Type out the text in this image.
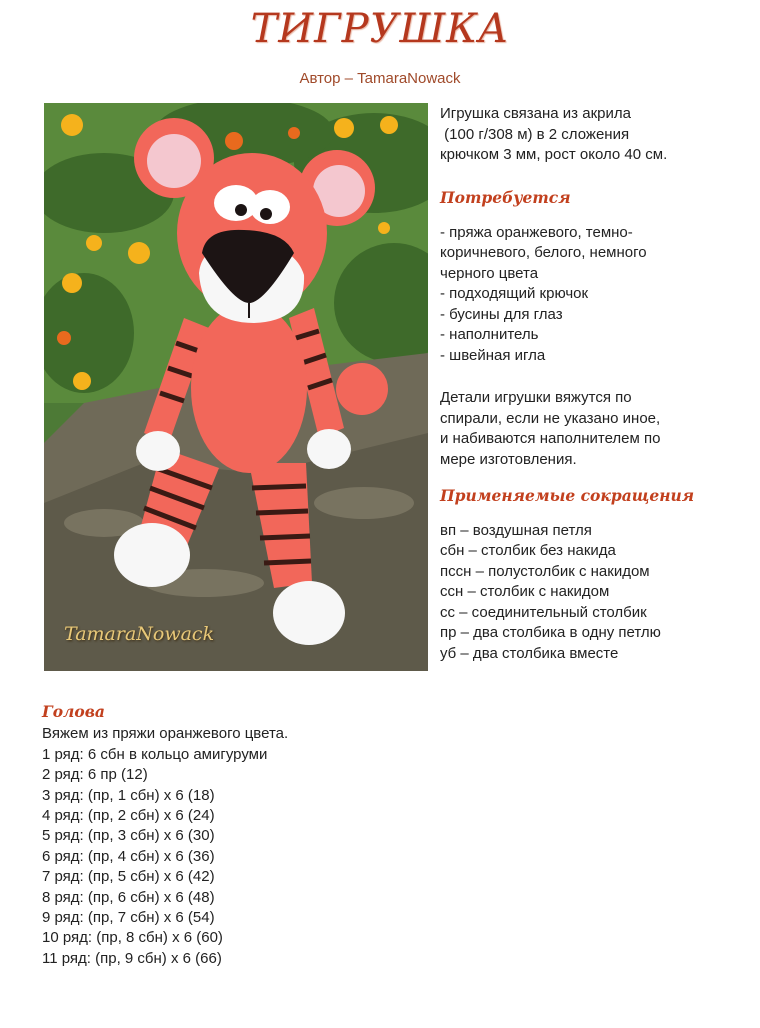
ТИГРУШКА
Автор – TamaraNowack
TamaraNowack
Игрушка связана из акрила
(100 г/308 м) в 2 сложения
крючком 3 мм, рост около 40 см.
Потребуется
- пряжа оранжевого, темно-
коричневого, белого, немного
черного цвета
- подходящий крючок
- бусины для глаз
- наполнитель
- швейная игла
Детали игрушки вяжутся по
спирали, если не указано иное,
и набиваются наполнителем по
мере изготовления.
Применяемые сокращения
вп – воздушная петля
сбн – столбик без накида
пссн – полустолбик с накидом
ссн – столбик с накидом
сс – соединительный столбик
пр – два столбика в одну петлю
уб – два столбика вместе
Голова
Вяжем из пряжи оранжевого цвета.
1 ряд: 6 сбн в кольцо амигуруми
2 ряд: 6 пр (12)
3 ряд: (пр, 1 сбн) х 6 (18)
4 ряд: (пр, 2 сбн) х 6 (24)
5 ряд: (пр, 3 сбн) х 6 (30)
6 ряд: (пр, 4 сбн) х 6 (36)
7 ряд: (пр, 5 сбн) х 6 (42)
8 ряд: (пр, 6 сбн) х 6 (48)
9 ряд: (пр, 7 сбн) х 6 (54)
10 ряд: (пр, 8 сбн) х 6 (60)
11 ряд: (пр, 9 сбн) х 6 (66)
